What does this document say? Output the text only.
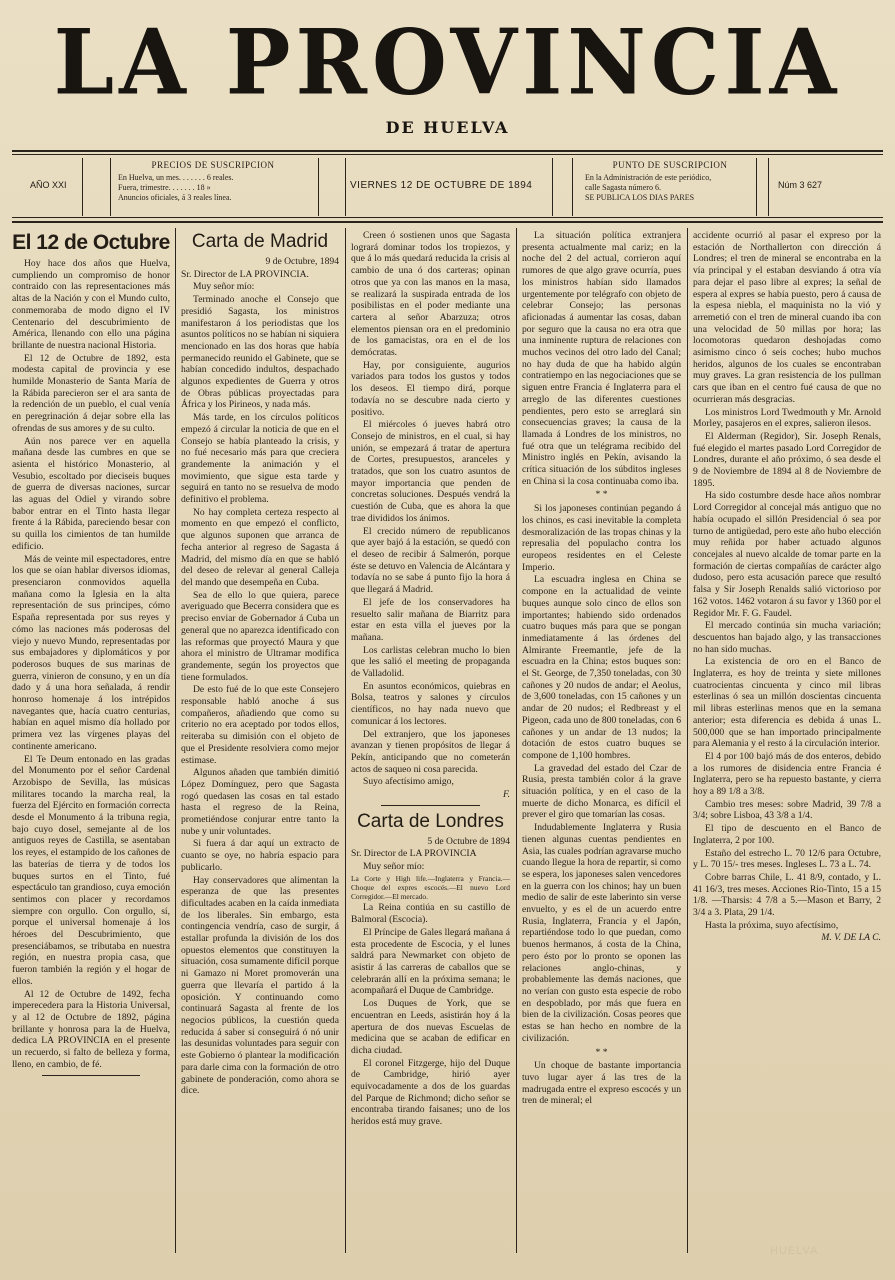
LA PROVINCIA
DE HUELVA
AÑO XXI
PRECIOS DE SUSCRIPCION
En Huelva, un mes. . . . . . . 6 reales.
Fuera, trimestre. . . . . . . 18 »
Anuncios oficiales, á 3 reales línea.
VIERNES 12 DE OCTUBRE DE 1894
PUNTO DE SUSCRIPCION
En la Administración de este periódico,
calle Sagasta número 6.
SE PUBLICA LOS DIAS PARES
Núm 3 627
El 12 de Octubre

Hoy hace dos años que Huelva, cumpliendo un compromiso de honor contraido con las representaciones más altas de la Nación y con el Mundo culto, conmemoraba de modo digno el IV Centenario del descubrimiento de América, llenando con ello una página brillante de nuestra nacional Historia.

El 12 de Octubre de 1892, esta modesta capital de provincia y ese humilde Monasterio de Santa María de la Rábida parecieron ser el ara santa de la redención de un pueblo, el cual venía en peregrinación á dejar sobre ella las ofrendas de sus amores y de su culto.

Aún nos parece ver en aquella mañana desde las cumbres en que se asienta el histórico Monasterio, al Vesubio, escoltado por dieciseis buques de guerra de diversas naciones, surcar las aguas del Odiel y virando sobre babor entrar en el Tinto hasta llegar frente á la Rábida, pareciendo besar con su quilla los cimientos de tan humilde edificio.

Más de veinte mil espectadores, entre los que se oían hablar diversos idiomas, presenciaron conmovidos aquella mañana como la Iglesia en la alta representación de sus principes, cómo España representada por sus reyes y cómo las naciones más poderosas del viejo y nuevo Mundo, representadas por sus embajadores y diplomáticos y por poderosos buques de sus marinas de guerra, vinieron de consuno, y en un día dado y á una hora señalada, á rendir honroso homenaje á los intrépidos navegantes que, hacía cuatro centurias, habían en aquel mismo día hollado por primera vez las vírgenes playas del continente americano.

El Te Deum entonado en las gradas del Monumento por el señor Cardenal Arzobispo de Sevilla, las músicas militares tocando la marcha real, la fuerza del Ejército en formación correcta desde el Monumento á la tribuna regia, bajo cuyo dosel, semejante al de los antiguos reyes de Castilla, se asentaban los reyes, el estampido de los cañones de las baterías de tierra y de todos los buques surtos en el Tinto, fué espectáculo tan grandioso, cuya emoción sentimos con placer y recordamos siempre con orgullo. Con orgullo, sí, porque el universal homenaje á los héroes del Descubrimiento, que presenciábamos, se tributaba en nuestra región, en nuestra propia casa, que fueron también la región y el hogar de ellos.

Al 12 de Octubre de 1492, fecha imperecedera para la Historia Universal, y al 12 de Octubre de 1892, página brillante y honrosa para la de Huelva, dedica LA PROVINCIA en el presente un recuerdo, si falto de belleza y forma, lleno, en cambio, de fé.

Carta de Madrid

9 de Octubre, 1894

Sr. Director de LA PROVINCIA.

Muy señor mío:

Terminado anoche el Consejo que presidió Sagasta, los ministros manifestaron á los periodistas que los asuntos políticos no se habían ni siquiera mencionado en las dos horas que había permanecido reunido el Gabinete, que se habían concedido indultos, despachado algunos expedientes de Guerra y otros de Obras públicas proyectadas para África y los Pirineos, y nada más.

Más tarde, en los círculos políticos empezó á circular la noticia de que en el Consejo se había planteado la crisis, y no fué necesario más para que creciera grandemente la animación y el movimiento, que sigue esta tarde y seguirá en tanto no se resuelva de modo definitivo el problema.

No hay completa certeza respecto al momento en que empezó el conflicto, que algunos suponen que arranca de fecha anterior al regreso de Sagasta á Madrid, del mismo día en que se habló del deseo de relevar al general Calleja del mando que desempeña en Cuba.

Sea de ello lo que quiera, parece averiguado que Becerra considera que es preciso enviar de Gobernador á Cuba un general que no aparezca identificado con las reformas que proyectó Maura y que ahora el ministro de Ultramar modifica grandemente, según los proyectos que tiene formulados.

De esto fué de lo que este Consejero responsable habló anoche á sus compañeros, añadiendo que como su criterio no era aceptado por todos ellos, reiteraba su dimisión con el objeto de que el Presidente resolviera como mejor estimase.

Algunos añaden que también dimitió López Domínguez, pero que Sagasta rogó quedasen las cosas en tal estado hasta el regreso de la Reina, prometiéndose conjurar entre tanto la nube y unir voluntades.

Si fuera á dar aquí un extracto de cuanto se oye, no habría espacio para publicarlo.

Hay conservadores que alimentan la esperanza de que las presentes dificultades acaben en la caída inmediata de los liberales. Sin embargo, esta contingencia vendría, caso de surgir, á estallar profunda la división de los dos opuestos elementos que constituyen la situación, cosa sumamente difícil porque ni Gamazo ni Moret promoverán una guerra que llevaría el partido á la oposición. Y continuando como continuará Sagasta al frente de los negocios públicos, la cuestión queda reducida á saber si conseguirá ó nó unir las desunidas voluntades para seguir con este Gobierno ó plantear la modificación para darle cima con la formación de otro gabinete de ponderación, como ahora se dice.

Creen ó sostienen unos que Sagasta logrará dominar todos los tropiezos, y que á lo más quedará reducida la crisis al cambio de una ó dos carteras; opinan otros que ya con las manos en la masa, se realizará la suspirada entrada de los posibilistas en el poder mediante una cartera al señor Abarzuza; otros elementos piensan ora en el predominio de los gamacistas, ora en el de los demócratas.

Hay, por consiguiente, augurios variados para todos los gustos y todos los deseos. El tiempo dirá, porque todavía no se descubre nada cierto y positivo.

El miércoles ó jueves habrá otro Consejo de ministros, en el cual, si hay unión, se empezará á tratar de apertura de Cortes, presupuestos, aranceles y tratados, que son los cuatro asuntos de mayor importancia que penden de concretas soluciones. Después vendrá la cuestión de Cuba, que es ahora la que trae divididos los ánimos.

El crecido número de republicanos que ayer bajó á la estación, se quedó con el deseo de recibir á Salmerón, porque éste se detuvo en Valencia de Alcántara y todavía no se sabe á punto fijo la hora á que llegará á Madrid.

El jefe de los conservadores ha resuelto salir mañana de Biarritz para estar en esta villa el jueves por la mañana.

Los carlistas celebran mucho lo bien que les salió el meeting de propaganda de Valladolid.

En asuntos económicos, quiebras en Bolsa, teatros y salones y círculos científicos, no hay nada nuevo que comunicar á los lectores.

Del extranjero, que los japoneses avanzan y tienen propósitos de llegar á Pekín, anticipando que no cometerán actos de saqueo ni cosa parecida.

Suyo afectísimo amigo,

F.

Carta de Londres

5 de Octubre de 1894

Sr. Director de LA PROVINCIA

Muy señor mío:

La Corte y High life.—Inglaterra y Francia.—Choque del expres escocés.—El nuevo Lord Corregidor.—El mercado.

La Reina contiúa en su castillo de Balmoral (Escocia).

El Príncipe de Gales llegará mañana á esta procedente de Escocia, y el lunes saldrá para Newmarket con objeto de asistir á las carreras de caballos que se celebrarán allí en la próxima semana; le acompañará el Duque de Cambridge.

Los Duques de York, que se encuentran en Leeds, asistirán hoy á la apertura de dos nuevas Escuelas de medicina que se acaban de edificar en dicha ciudad.

El coronel Fitzgerge, hijo del Duque de Cambridge, hirió ayer equivocadamente a dos de los guardas del Parque de Richmond; dicho señor se encontraba tirando faisanes; uno de los heridos está muy grave.

La situación política extranjera presenta actualmente mal cariz; en la noche del 2 del actual, corrieron aquí rumores de que algo grave ocurría, pues los ministros habían sido llamados urgentemente por telégrafo con objeto de celebrar Consejo; las personas aficionadas á aumentar las cosas, daban por seguro que la causa no era otra que una inminente ruptura de relaciones con muchos vecinos del otro lado del Canal; no hay duda de que ha habido algún contratiempo en las negociaciones que se siguen entre Francia é Inglaterra para el arreglo de las diferentes cuestiones pendientes, pero esto se arreglará sin consecuencias graves; la causa de la llamada á Londres de los ministros, no fué otra que un telégrama recibido del Ministro inglés en Pekín, avisando la crítica situación de los súbditos ingleses en China si la cosa continuaba como iba.

* *

Si los japoneses continúan pegando á los chinos, es casi inevitable la completa desmoralización de las tropas chinas y la represalia del populacho contra los europeos residentes en el Celeste Imperio.

La escuadra inglesa en China se compone en la actualidad de veinte buques aunque solo cinco de ellos son importantes; habiendo sido ordenados cuatro buques más para que se pongan inmediatamente á las órdenes del Almirante Freemantle, jefe de la escuadra en la China; estos buques son: el St. George, de 7,350 toneladas, con 30 cañones y 20 nudos de andar; el Aeolus, de 3,600 toneladas, con 15 cañones y un andar de 20 nudos; el Redbreast y el Pigeon, cada uno de 800 toneladas, con 6 cañones y un andar de 13 nudos; la dotación de estos cuatro buques se compone de 1,100 hombres.

La gravedad del estado del Czar de Rusia, presta también color á la grave situación política, y en el caso de la muerte de dicho Monarca, es difícil el prever el giro que tomarían las cosas.

Indudablemente Inglaterra y Rusia tienen algunas cuentas pendientes en Asia, las cuales podrían agravarse mucho cuando llegue la hora de repartir, si como se espera, los japoneses salen vencedores en la guerra con los chinos; hay un buen medio de salir de este laberinto sin verse envuelto, y es el de un acuerdo entre Rusia, Inglaterra, Francia y el Japón, repartiéndose todo lo que puedan, como buenos hermanos, á costa de la China, pero ésto por lo pronto se oponen las relaciones anglo-chinas, y probablemente las demás naciones, que no verían con gusto esta especie de robo en despoblado, por más que fuera en bien de la civilización. Cosas peores que estas se han hecho en nombre de la civilización.

* *

Un choque de bastante importancia tuvo lugar ayer á las tres de la madrugada entre el expreso escocés y un tren de mineral; el

accidente ocurrió al pasar el expreso por la estación de Northallerton con dirección á Londres; el tren de mineral se encontraba en la vía principal y el estaban desviando á otra vía para dejar el paso libre al expres; la señal de espera al expres se había puesto, pero á causa de la espesa niebla, el maquinista no la vió y arremetió con el tren de mineral cuando iba con una velocidad de 50 millas por hora; las locomotoras quedaron deshojadas como asimismo cinco ó seis coches; hubo muchos heridos, algunos de los cuales se encontraban muy graves. La gran resistencia de los pullman cars que iban en el centro fué causa de que no ocurrieran más desgracias.

Los ministros Lord Twedmouth y Mr. Arnold Morley, pasajeros en el expres, salieron ilesos.

El Alderman (Regidor), Sir. Joseph Renals, fué elegido el martes pasado Lord Corregidor de Londres, durante el año próximo, ó sea desde el 9 de Noviembre de 1894 al 8 de Noviembre de 1895.

Ha sido costumbre desde hace años nombrar Lord Corregidor al concejal más antiguo que no había ocupado el sillón Presidencial ó sea por turno de antigüedad, pero este año hubo elección muy reñida por haber actuado algunos concejales al nuevo alcalde de tomar parte en la formación de ciertas compañías de carácter algo dudoso, pero esta acusación parece que resultó falsa y Sir Joseph Renalds salió victorioso por 162 votos. 1462 votaron á su favor y 1360 por el Regidor Mr. F. G. Faudel.

El mercado continúa sin mucha variación; descuentos han bajado algo, y las transacciones no han sido muchas.

La existencia de oro en el Banco de Inglaterra, es hoy de treinta y siete millones cuatrocientas cincuenta y cinco mil libras esterlinas ó sea un millón doscientas cincuenta mil libras esterlinas menos que en la semana anterior; esta diferencia es debida á unas L. 500,000 que se han importado principalmente para Alemania y el resto á la circulación interior.

El 4 por 100 bajó más de dos enteros, debido a los rumores de disidencia entre Francia é Inglaterra, pero se ha repuesto bastante, y cierra hoy a 89 1/8 a 3/8.

Cambio tres meses: sobre Madrid, 39 7/8 a 3/4; sobre Lisboa, 43 3/8 a 1/4.

El tipo de descuento en el Banco de Inglaterra, 2 por 100.

Estaño del estrecho L. 70 12/6 para Octubre, y L. 70 15/- tres meses. Ingleses L. 73 a L. 74.

Cobre barras Chile, L. 41 8/9, contado, y L. 41 16/3, tres meses. Acciones Rio-Tinto, 15 a 15 1/8. —Tharsis: 4 7/8 a 5.—Mason et Barry, 2 3/4 a 3. Plata, 29 1/4.

Hasta la próxima, suyo afectísimo,

M. V. DE LA C.

HUELVA
